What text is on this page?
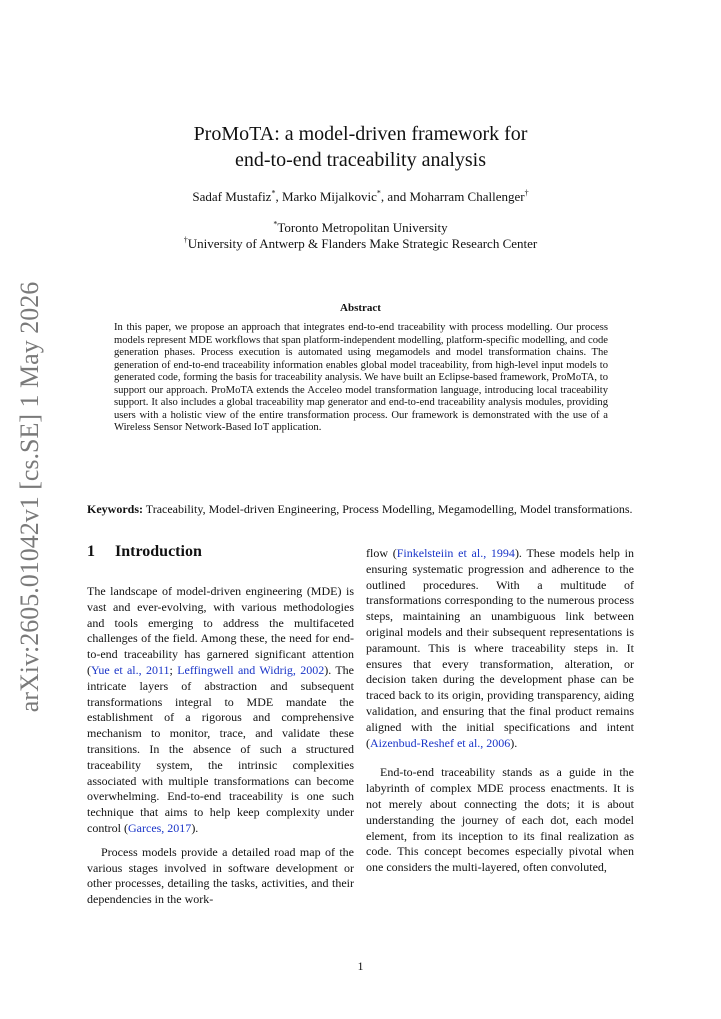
arXiv:2605.01042v1 [cs.SE] 1 May 2026
ProMoTA: a model-driven framework for
end-to-end traceability analysis
Sadaf Mustafiz*, Marko Mijalkovic*, and Moharram Challenger†
*Toronto Metropolitan University
†University of Antwerp & Flanders Make Strategic Research Center
Abstract
In this paper, we propose an approach that integrates end-to-end traceability with process modelling. Our process models represent MDE workflows that span platform-independent modelling, platform-specific modelling, and code generation phases. Process execution is automated using megamodels and model transformation chains. The generation of end-to-end traceability information enables global model traceability, from high-level input models to generated code, forming the basis for traceability analysis. We have built an Eclipse-based framework, ProMoTA, to support our approach. ProMoTA extends the Acceleo model transformation language, introducing local traceability support. It also includes a global traceability map generator and end-to-end traceability analysis modules, providing users with a holistic view of the entire transformation process. Our framework is demonstrated with the use of a Wireless Sensor Network-Based IoT application.
Keywords: Traceability, Model-driven Engineering, Process Modelling, Megamodelling, Model transformations.
1 Introduction

The landscape of model-driven engineering (MDE) is vast and ever-evolving, with various methodologies and tools emerging to address the multifaceted challenges of the field. Among these, the need for end-to-end traceability has garnered significant attention (Yue et al., 2011; Leffingwell and Widrig, 2002). The intricate layers of abstraction and subsequent transformations integral to MDE mandate the establishment of a rigorous and comprehensive mechanism to monitor, trace, and validate these transitions. In the absence of such a structured traceability system, the intrinsic complexities associated with multiple transformations can become overwhelming. End-to-end traceability is one such technique that aims to help keep complexity under control (Garces, 2017).

Process models provide a detailed road map of the various stages involved in software development or other processes, detailing the tasks, activities, and their dependencies in the work-

flow (Finkelsteiin et al., 1994). These models help in ensuring systematic progression and adherence to the outlined procedures. With a multitude of transformations corresponding to the numerous process steps, maintaining an unambiguous link between original models and their subsequent representations is paramount. This is where traceability steps in. It ensures that every transformation, alteration, or decision taken during the development phase can be traced back to its origin, providing transparency, aiding validation, and ensuring that the final product remains aligned with the initial specifications and intent (Aizenbud-Reshef et al., 2006).

End-to-end traceability stands as a guide in the labyrinth of complex MDE process enactments. It is not merely about connecting the dots; it is about understanding the journey of each dot, each model element, from its inception to its final realization as code. This concept becomes especially pivotal when one considers the multi-layered, often convoluted,

1
